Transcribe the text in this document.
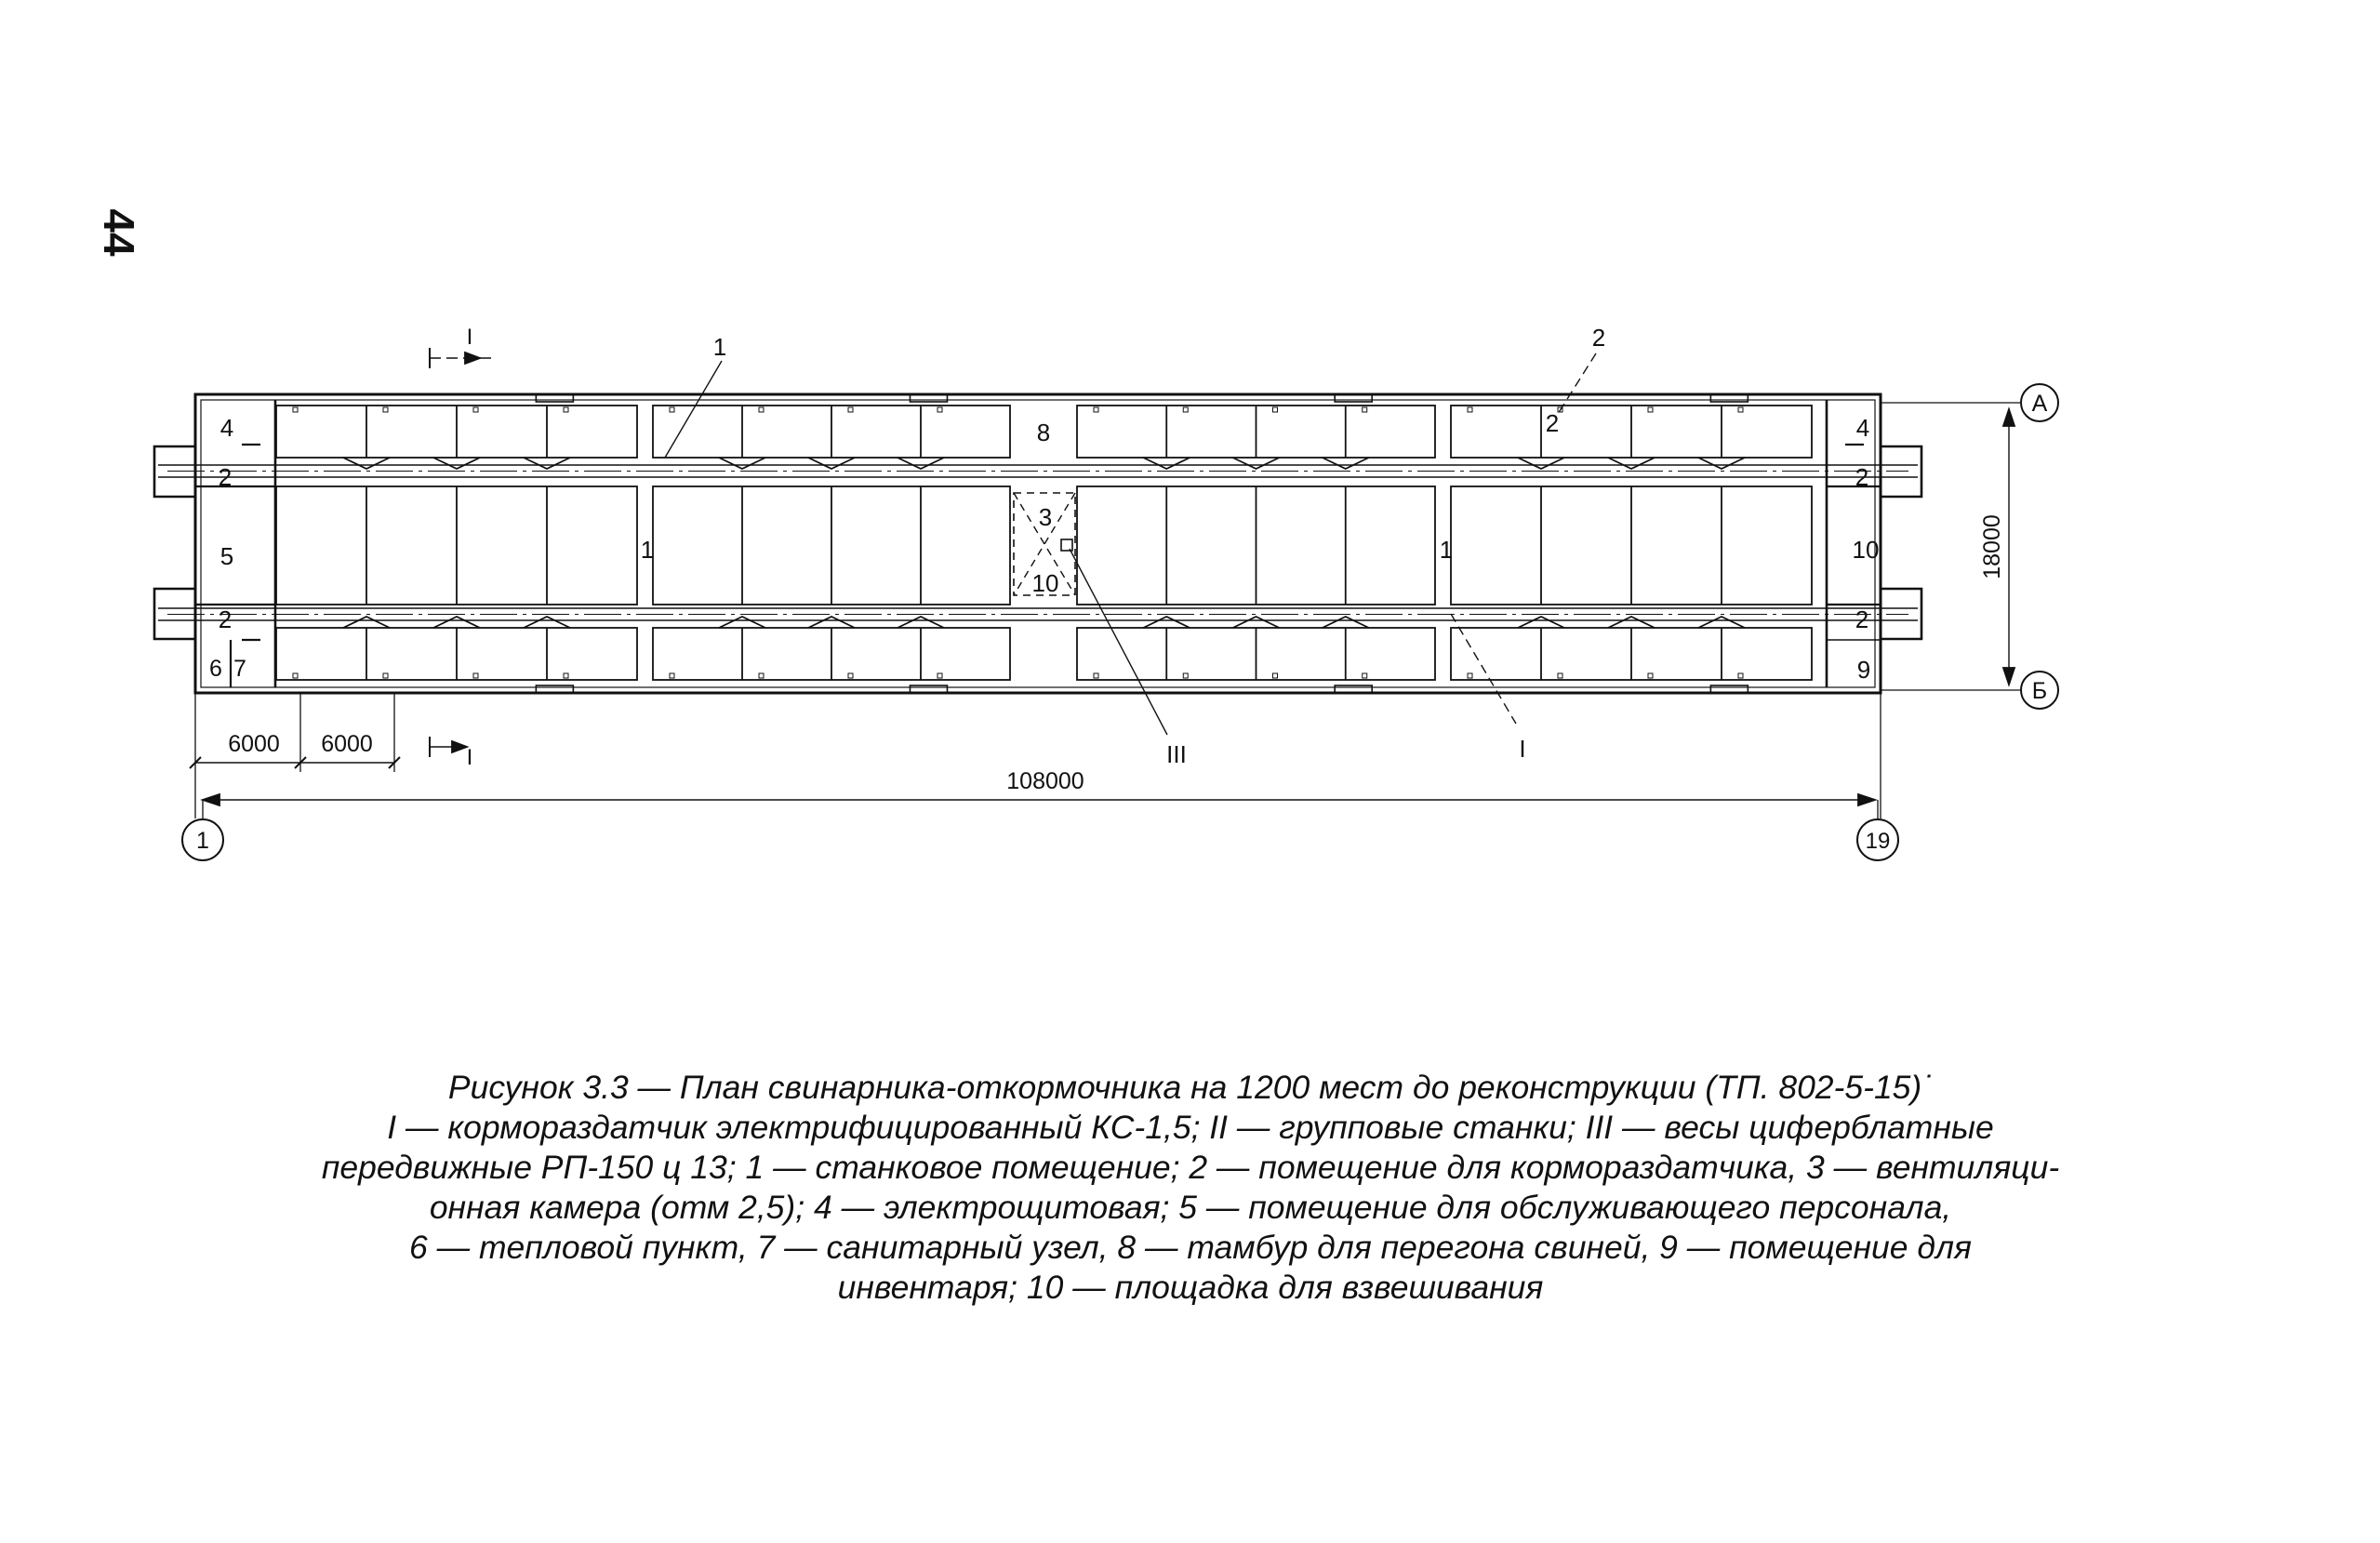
44
1	2
2
4	4
8
5	1	1
3
10
10
2
2
2
2
6 7	9
I
I	III	I
А
Б
1	19
6000 6000
108000
18000
Рисунок 3.3 — План свинарника-откормочника на 1200 мест до реконструкции (ТП. 802-5-15)˙
I — кормораздатчик электрифицированный КС-1,5; II — групповые станки; III — весы циферблатные
передвижные РП-150 ц 13; 1 — станковое помещение; 2 — помещение для кормораздатчика, 3 — вентиляци-
онная камера (отм 2,5); 4 — электрощитовая; 5 — помещение для обслуживающего персонала,
6 — тепловой пункт, 7 — санитарный узел, 8 — тамбур для перегона свиней, 9 — помещение для
инвентаря; 10 — площадка для взвешивания
